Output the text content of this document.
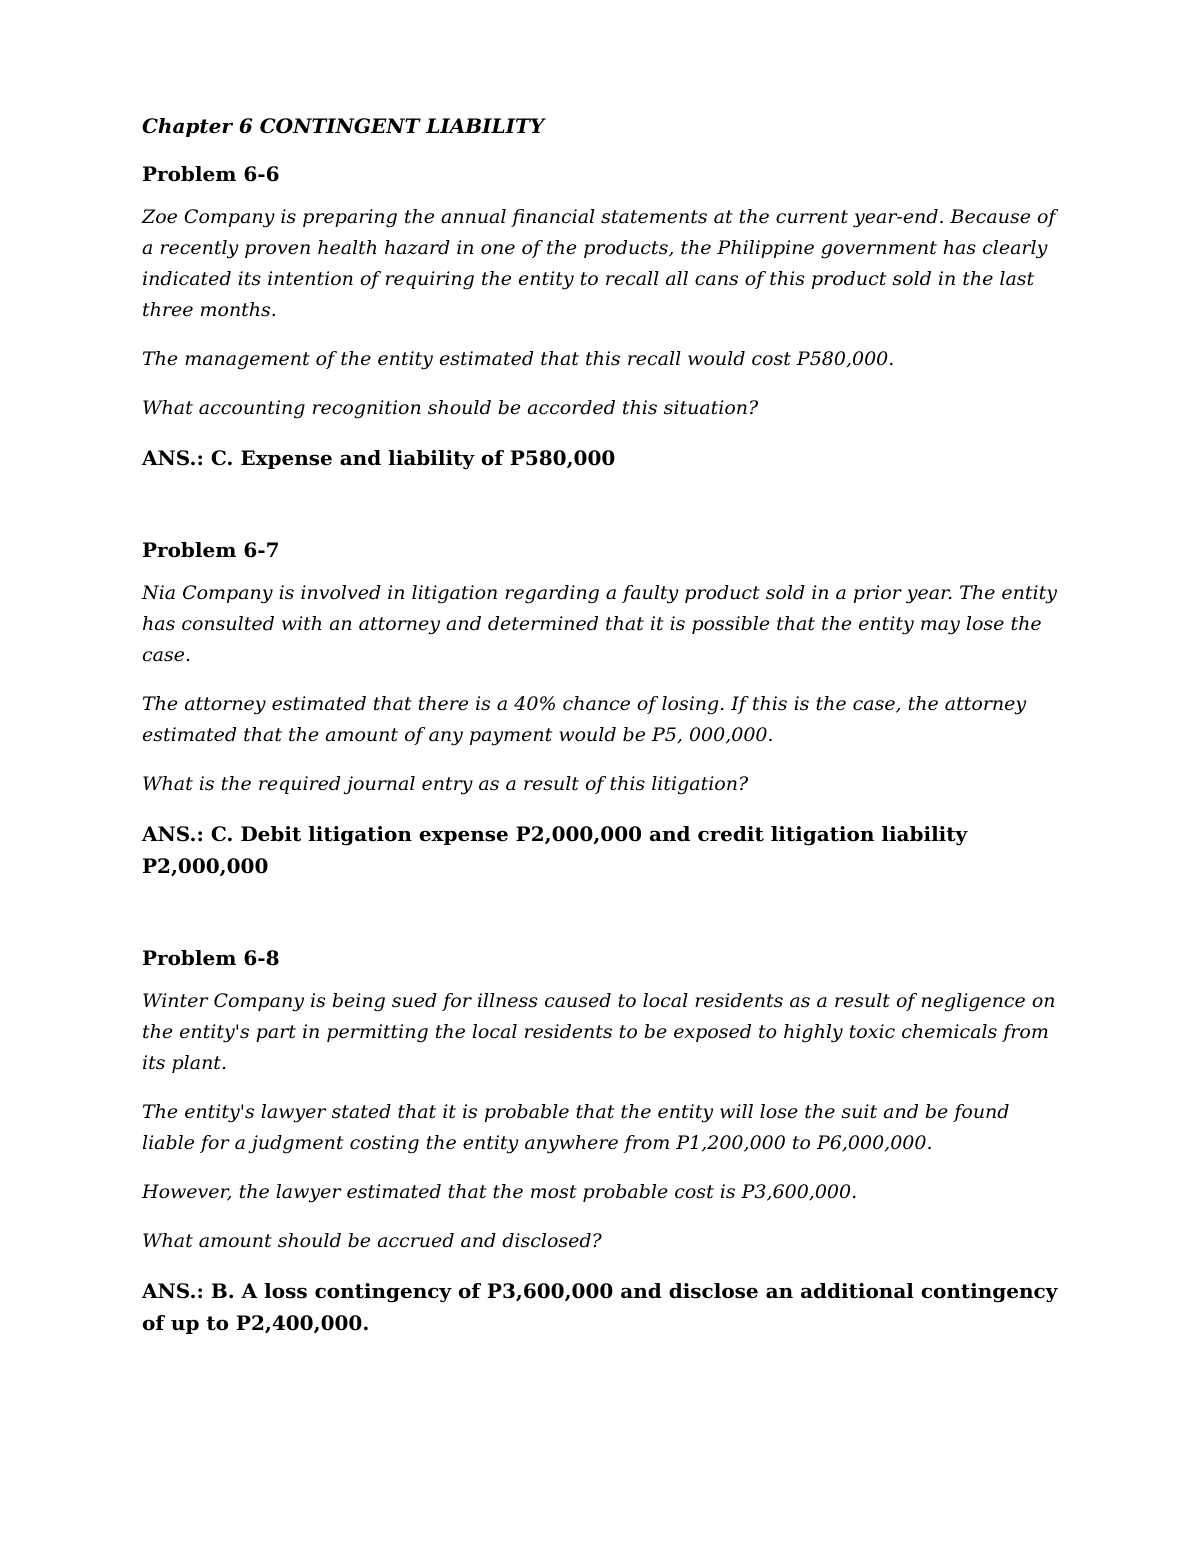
Chapter 6 CONTINGENT LIABILITY
Problem 6-6

Zoe Company is preparing the annual financial statements at the current year-end. Because of a recently proven health hazard in one of the products, the Philippine government has clearly indicated its intention of requiring the entity to recall all cans of this product sold in the last three months.

The management of the entity estimated that this recall would cost P580,000.

What accounting recognition should be accorded this situation?

ANS.: C. Expense and liability of P580,000

Problem 6-7

Nia Company is involved in litigation regarding a faulty product sold in a prior year. The entity has consulted with an attorney and determined that it is possible that the entity may lose the case.

The attorney estimated that there is a 40% chance of losing. If this is the case, the attorney estimated that the amount of any payment would be P5, 000,000.

What is the required journal entry as a result of this litigation?

ANS.: C. Debit litigation expense P2,000,000 and credit litigation liability P2,000,000

Problem 6-8

Winter Company is being sued for illness caused to local residents as a result of negligence on the entity's part in permitting the local residents to be exposed to highly toxic chemicals from its plant.

The entity's lawyer stated that it is probable that the entity will lose the suit and be found liable for a judgment costing the entity anywhere from P1,200,000 to P6,000,000.

However, the lawyer estimated that the most probable cost is P3,600,000.

What amount should be accrued and disclosed?

ANS.: B. A loss contingency of P3,600,000 and disclose an additional contingency of up to P2,400,000.
